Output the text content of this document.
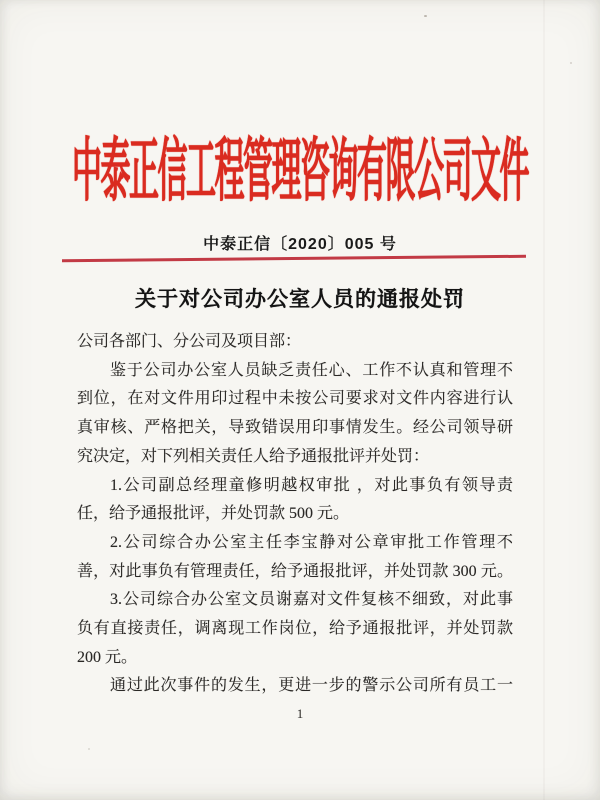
中泰正信工程管理咨询有限公司文件
中泰正信〔2020〕005 号
关于对公司办公室人员的通报处罚
公司各部门、分公司及项目部：
鉴于公司办公室人员缺乏责任心、工作不认真和管理不
到位，在对文件用印过程中未按公司要求对文件内容进行认
真审核、严格把关，导致错误用印事情发生。经公司领导研
究决定，对下列相关责任人给予通报批评并处罚：
1.公司副总经理童修明越权审批 ，对此事负有领导责
任，给予通报批评，并处罚款 500 元。
2.公司综合办公室主任李宝静对公章审批工作管理不
善，对此事负有管理责任，给予通报批评，并处罚款 300 元。
3.公司综合办公室文员谢嘉对文件复核不细致，对此事
负有直接责任，调离现工作岗位，给予通报批评，并处罚款
200 元。
通过此次事件的发生，更进一步的警示公司所有员工一
1
